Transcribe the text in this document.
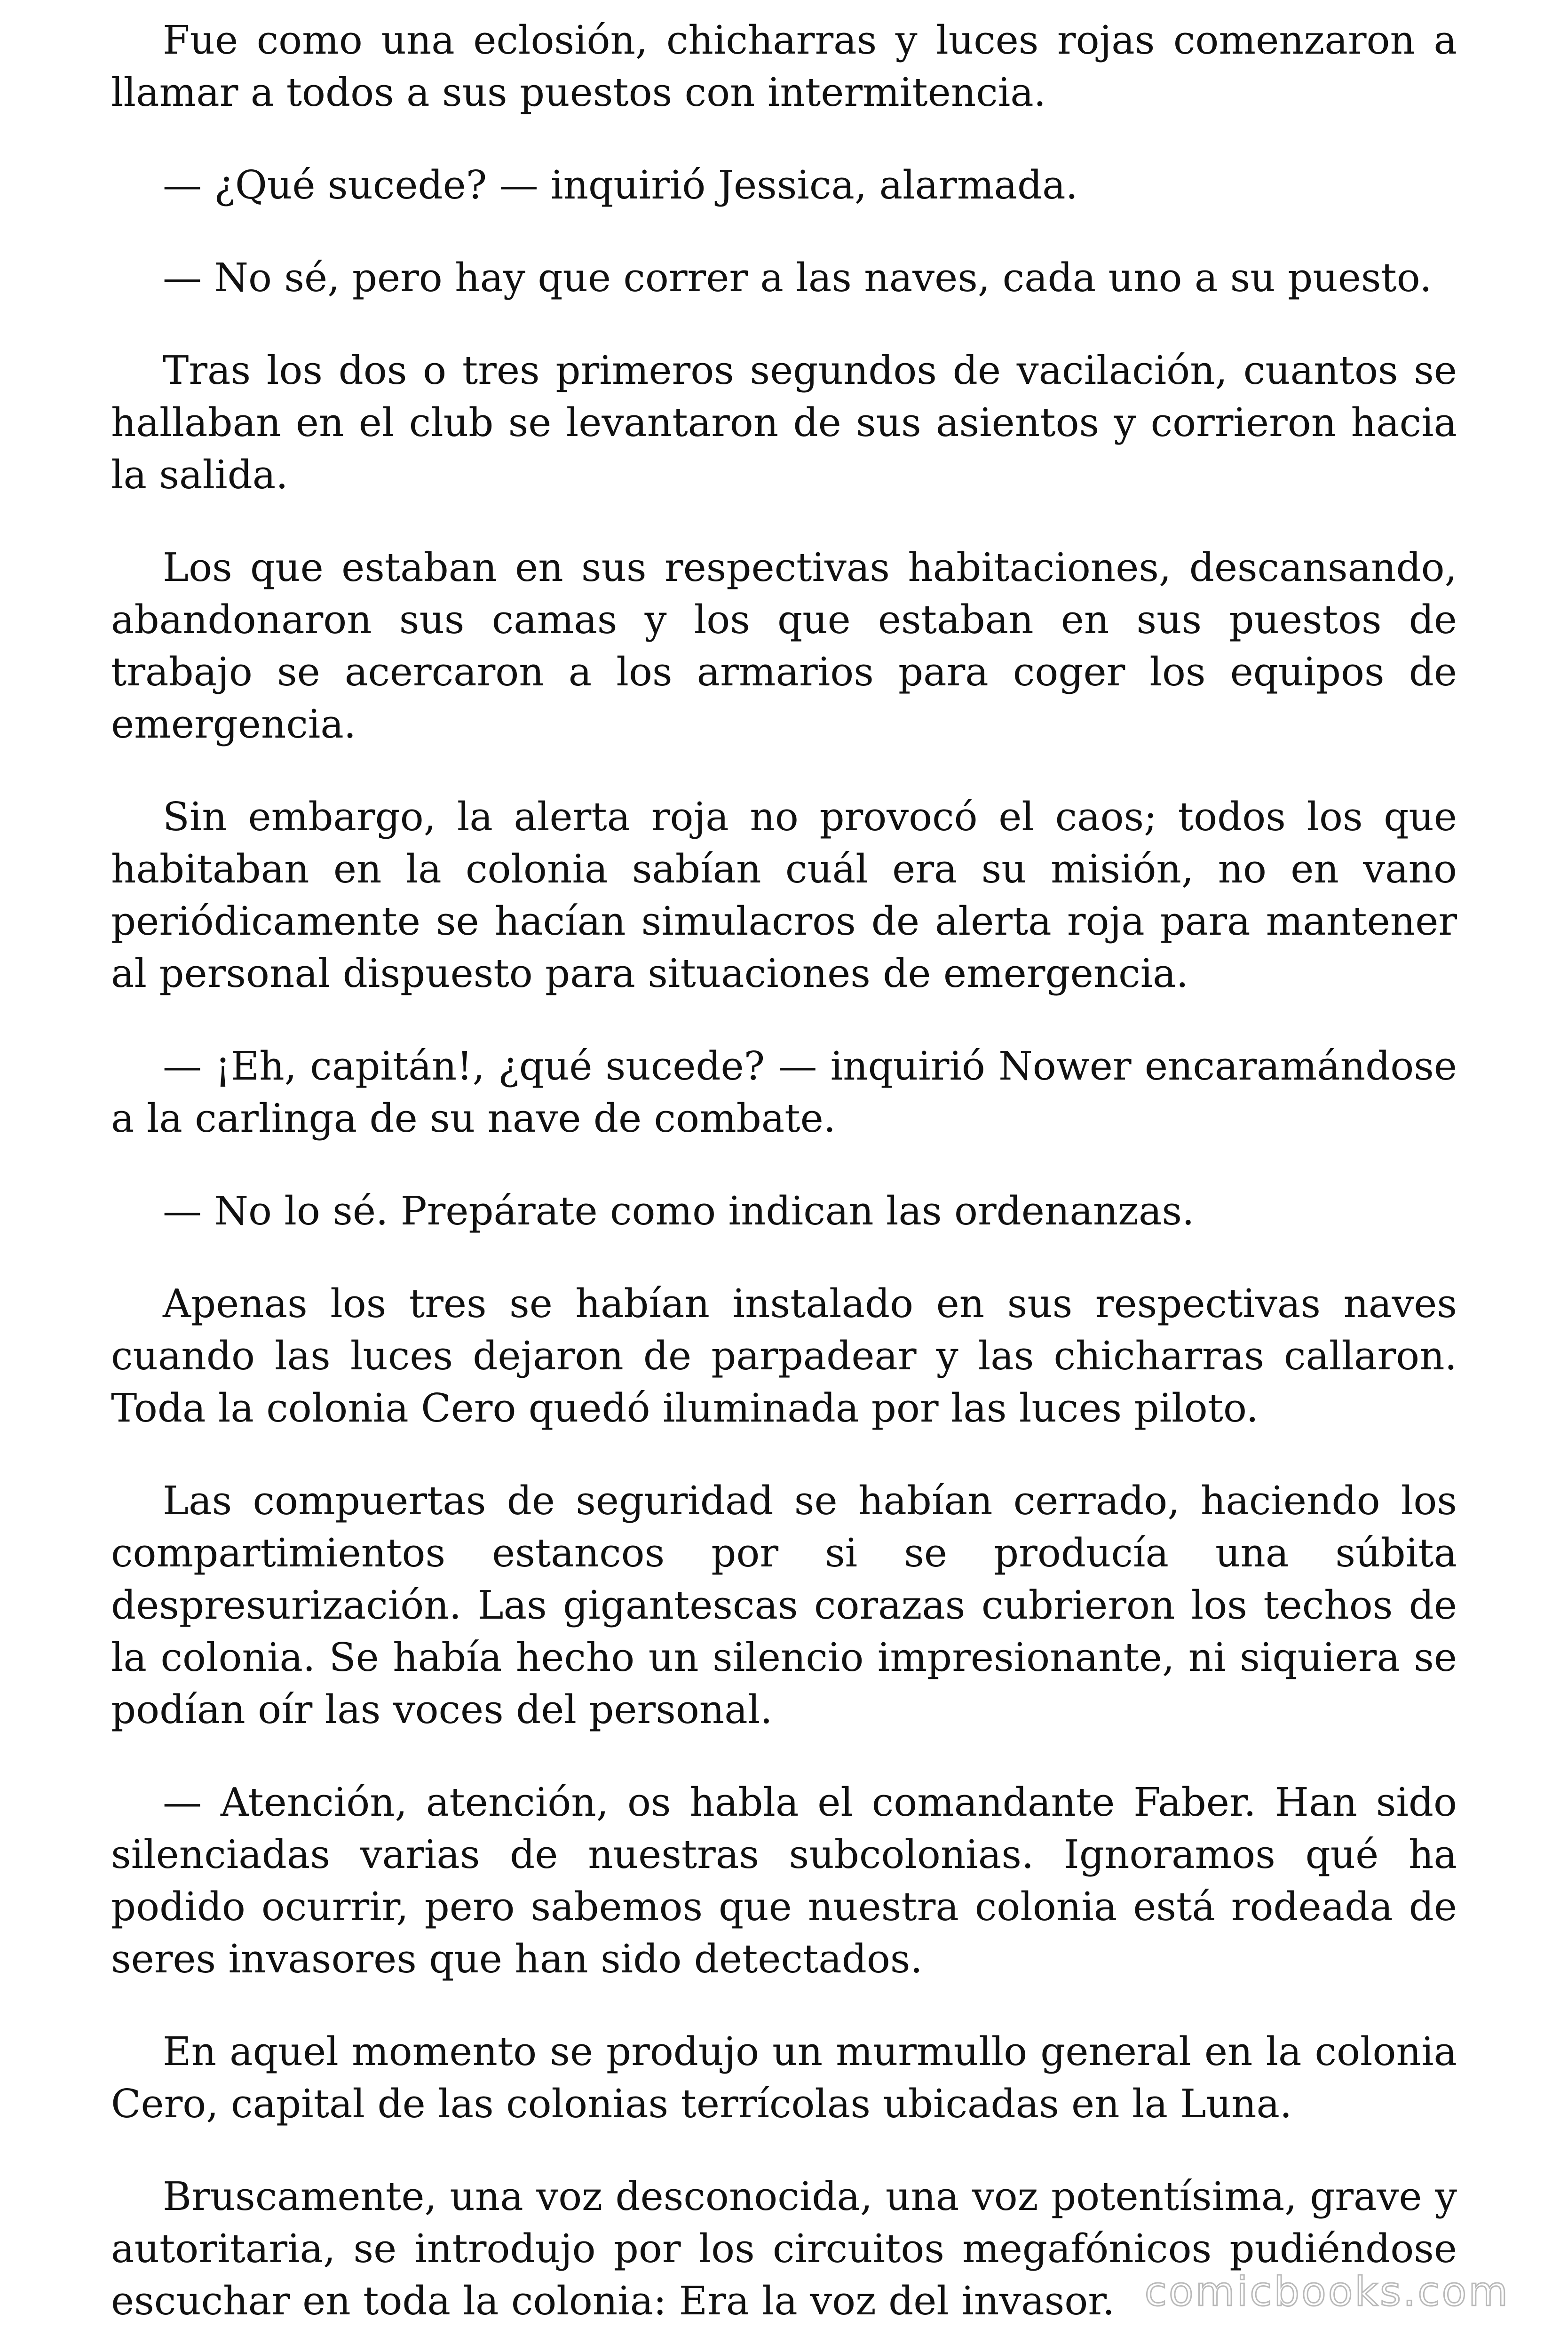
Fue como una eclosión, chicharras y luces rojas comenzaron a llamar a todos a sus puestos con intermitencia.

— ¿Qué sucede? — inquirió Jessica, alarmada.

— No sé, pero hay que correr a las naves, cada uno a su puesto.

Tras los dos o tres primeros segundos de vacilación, cuantos se hallaban en el club se levantaron de sus asientos y corrieron hacia la salida.

Los que estaban en sus respectivas habitaciones, descansando, abandonaron sus camas y los que estaban en sus puestos de trabajo se acercaron a los armarios para coger los equipos de emergencia.

Sin embargo, la alerta roja no provocó el caos; todos los que habitaban en la colonia sabían cuál era su misión, no en vano periódicamente se hacían simulacros de alerta roja para mantener al personal dispuesto para situaciones de emergencia.

— ¡Eh, capitán!, ¿qué sucede? — inquirió Nower encaramándose a la carlinga de su nave de combate.

— No lo sé. Prepárate como indican las ordenanzas.

Apenas los tres se habían instalado en sus respectivas naves cuando las luces dejaron de parpadear y las chicharras callaron. Toda la colonia Cero quedó iluminada por las luces piloto.

Las compuertas de seguridad se habían cerrado, haciendo los compartimientos estancos por si se producía una súbita despresurización. Las gigantescas corazas cubrieron los techos de la colonia. Se había hecho un silencio impresionante, ni siquiera se podían oír las voces del personal.

— Atención, atención, os habla el comandante Faber. Han sido silenciadas varias de nuestras subcolonias. Ignoramos qué ha podido ocurrir, pero sabemos que nuestra colonia está rodeada de seres invasores que han sido detectados.

En aquel momento se produjo un murmullo general en la colonia Cero, capital de las colonias terrícolas ubicadas en la Luna.

Bruscamente, una voz desconocida, una voz potentísima, grave y autoritaria, se introdujo por los circuitos megafónicos pudiéndose escuchar en toda la colonia: Era la voz del invasor. comicbooks.com
